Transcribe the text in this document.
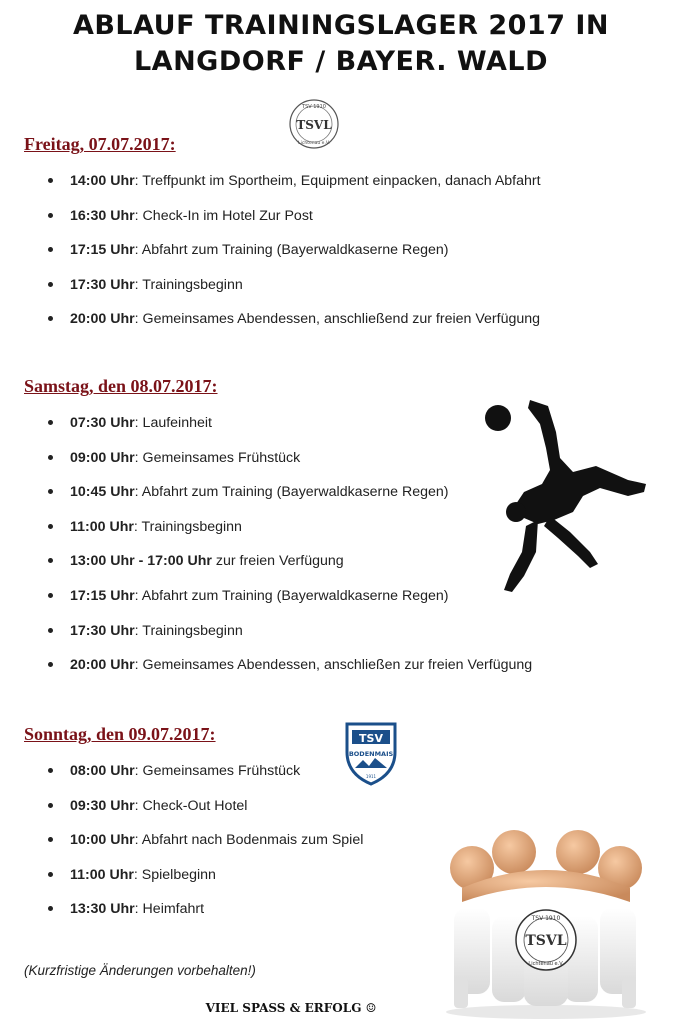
ABLAUF TRAININGSLAGER 2017 IN
LANGDORF / BAYER. WALD
TSV 1910
TSVL
Lichtenau e.V.
Freitag, 07.07.2017:
14:00 Uhr: Treffpunkt im Sportheim, Equipment einpacken, danach Abfahrt
16:30 Uhr: Check-In im Hotel Zur Post
17:15 Uhr: Abfahrt zum Training (Bayerwaldkaserne Regen)
17:30 Uhr: Trainingsbeginn
20:00 Uhr: Gemeinsames Abendessen, anschließend zur freien Verfügung
Samstag, den 08.07.2017:
07:30 Uhr: Laufeinheit
09:00 Uhr: Gemeinsames Frühstück
10:45 Uhr: Abfahrt zum Training (Bayerwaldkaserne Regen)
11:00 Uhr: Trainingsbeginn
13:00 Uhr - 17:00 Uhr zur freien Verfügung
17:15 Uhr: Abfahrt zum Training (Bayerwaldkaserne Regen)
17:30 Uhr: Trainingsbeginn
20:00 Uhr: Gemeinsames Abendessen, anschließen zur freien Verfügung
Sonntag, den 09.07.2017:
08:00 Uhr: Gemeinsames Frühstück
09:30 Uhr: Check-Out Hotel
10:00 Uhr: Abfahrt nach Bodenmais zum Spiel
11:00 Uhr: Spielbeginn
13:30 Uhr: Heimfahrt
TSV
BODENMAIS
1911
TSV 1910
TSVL
Lichtenau e.V.
(Kurzfristige Änderungen vorbehalten!)
VIEL SPASS & ERFOLG ☺
